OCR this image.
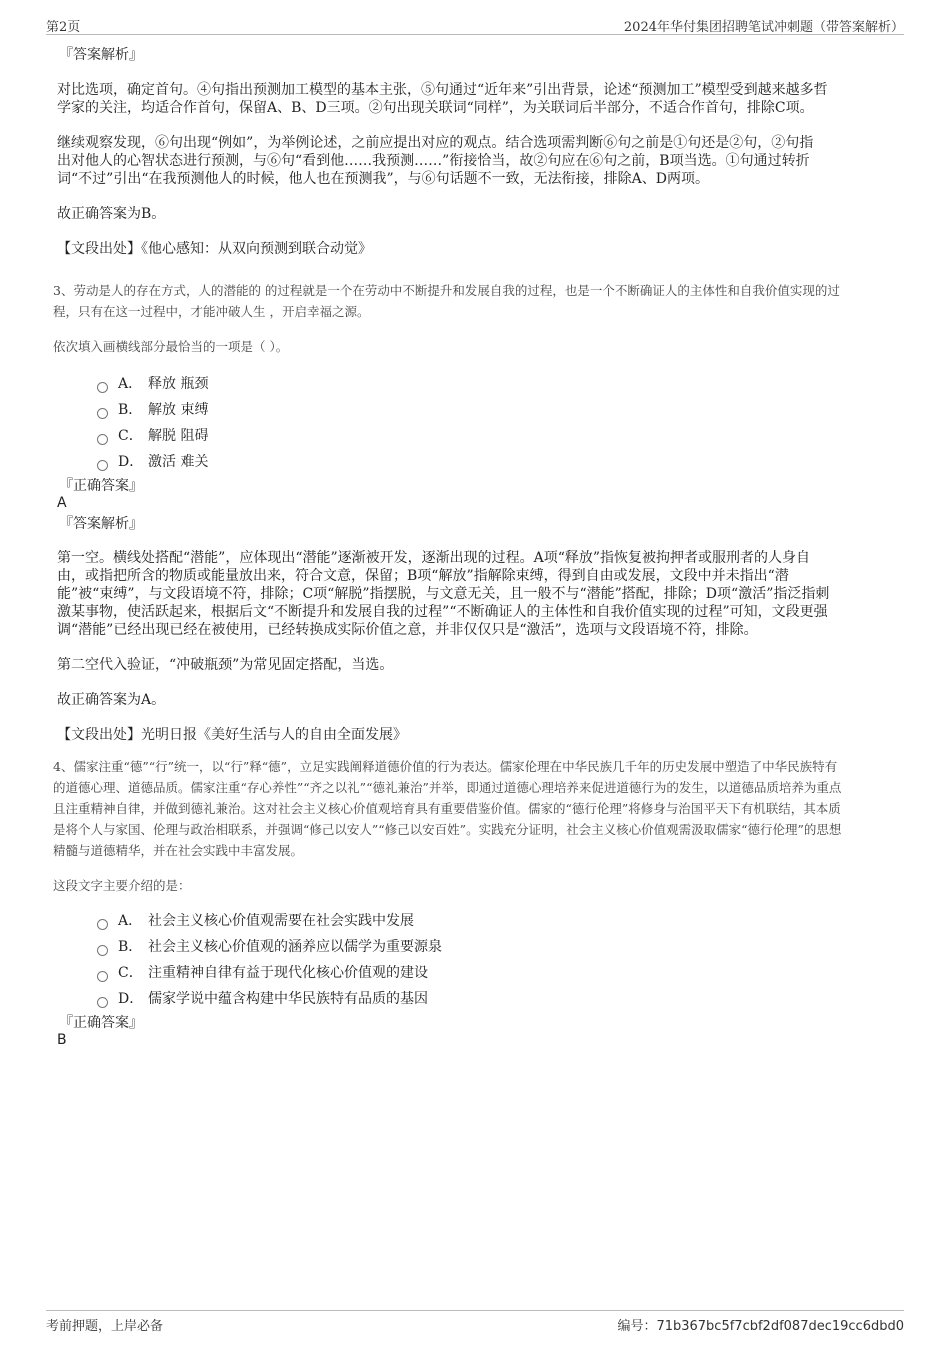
第2页	2024年华付集团招聘笔试冲刺题（带答案解析）
『答案解析』

对比选项，确定首句。④句指出预测加工模型的基本主张，⑤句通过“近年来”引出背景，论述“预测加工”模型受到越来越多哲
学家的关注，均适合作首句，保留A、B、D三项。②句出现关联词“同样”，为关联词后半部分，不适合作首句，排除C项。

继续观察发现，⑥句出现“例如”，为举例论述，之前应提出对应的观点。结合选项需判断⑥句之前是①句还是②句，②句指
出对他人的心智状态进行预测，与⑥句“看到他……我预测……”衔接恰当，故②句应在⑥句之前，B项当选。①句通过转折
词“不过”引出“在我预测他人的时候，他人也在预测我”，与⑥句话题不一致，无法衔接，排除A、D两项。

故正确答案为B。

【文段出处】《他心感知：从双向预测到联合动觉》

3、劳动是人的存在方式，人的潜能的 的过程就是一个在劳动中不断提升和发展自我的过程，也是一个不断确证人的主体性和自我价值实现的过
程，只有在这一过程中，才能冲破人生 ，开启幸福之源。

依次填入画横线部分最恰当的一项是（ ）。

A． 释放 瓶颈
B． 解放 束缚
C． 解脱 阻碍
D． 激活 难关
『正确答案』
A
『答案解析』

第一空。横线处搭配“潜能”，应体现出“潜能”逐渐被开发，逐渐出现的过程。A项“释放”指恢复被拘押者或服刑者的人身自
由，或指把所含的物质或能量放出来，符合文意，保留；B项“解放”指解除束缚，得到自由或发展，文段中并未指出“潜
能”被“束缚”，与文段语境不符，排除；C项“解脱”指摆脱，与文意无关，且一般不与“潜能”搭配，排除；D项“激活”指泛指刺
激某事物，使活跃起来，根据后文“不断提升和发展自我的过程”“不断确证人的主体性和自我价值实现的过程”可知，文段更强
调“潜能”已经出现已经在被使用，已经转换成实际价值之意，并非仅仅只是“激活”，选项与文段语境不符，排除。

第二空代入验证，“冲破瓶颈”为常见固定搭配，当选。

故正确答案为A。

【文段出处】光明日报《美好生活与人的自由全面发展》

4、儒家注重“德”“行”统一，以“行”释“德”，立足实践阐释道德价值的行为表达。儒家伦理在中华民族几千年的历史发展中塑造了中华民族特有
的道德心理、道德品质。儒家注重“存心养性”“齐之以礼”“德礼兼治”并举，即通过道德心理培养来促进道德行为的发生，以道德品质培养为重点
且注重精神自律，并做到德礼兼治。这对社会主义核心价值观培育具有重要借鉴价值。儒家的“德行伦理”将修身与治国平天下有机联结，其本质
是将个人与家国、伦理与政治相联系，并强调“修己以安人”“修己以安百姓”。实践充分证明，社会主义核心价值观需汲取儒家“德行伦理”的思想
精髓与道德精华，并在社会实践中丰富发展。

这段文字主要介绍的是：

A． 社会主义核心价值观需要在社会实践中发展
B． 社会主义核心价值观的涵养应以儒学为重要源泉
C． 注重精神自律有益于现代化核心价值观的建设
D． 儒家学说中蕴含构建中华民族特有品质的基因
『正确答案』
B
考前押题，上岸必备	编号：71b367bc5f7cbf2df087dec19cc6dbd0
